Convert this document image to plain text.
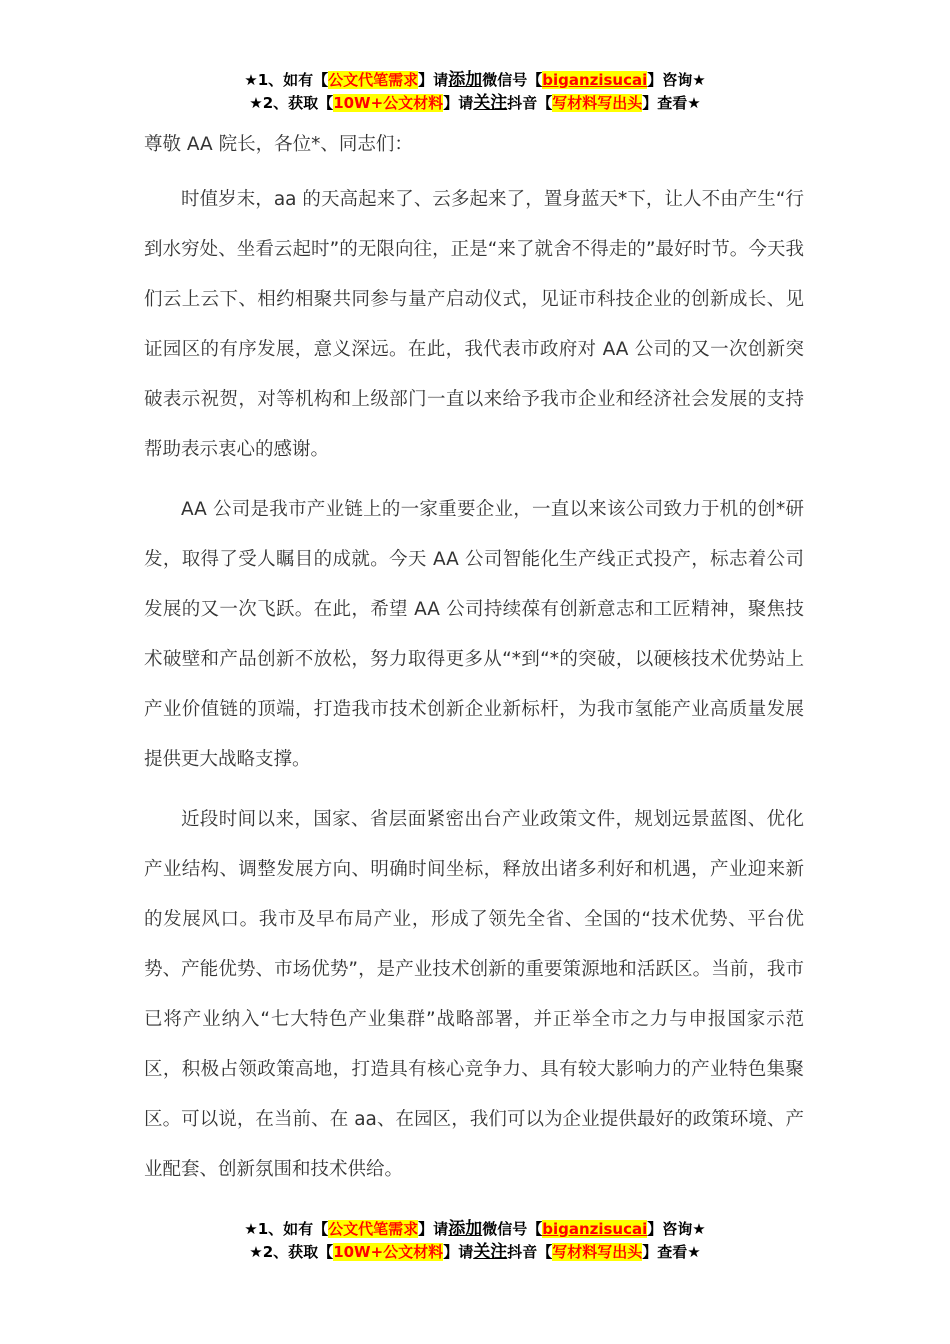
★1、如有【公文代笔需求】请添加微信号【biganzisucai】咨询★
★2、获取【10W+公文材料】请关注抖音【写材料写出头】查看★

尊敬 AA 院长，各位*、同志们：

时值岁末，aa 的天高起来了、云多起来了，置身蓝天*下，让人不由产生“行到水穷处、坐看云起时”的无限向往，正是“来了就舍不得走的”最好时节。今天我们云上云下、相约相聚共同参与量产启动仪式，见证市科技企业的创新成长、见证园区的有序发展，意义深远。在此，我代表市政府对 AA 公司的又一次创新突破表示祝贺，对等机构和上级部门一直以来给予我市企业和经济社会发展的支持帮助表示衷心的感谢。

AA 公司是我市产业链上的一家重要企业，一直以来该公司致力于机的创*研发，取得了受人瞩目的成就。今天 AA 公司智能化生产线正式投产，标志着公司发展的又一次飞跃。在此，希望 AA 公司持续葆有创新意志和工匠精神，聚焦技术破壁和产品创新不放松，努力取得更多从“*到“*的突破，以硬核技术优势站上产业价值链的顶端，打造我市技术创新企业新标杆，为我市氢能产业高质量发展提供更大战略支撑。

近段时间以来，国家、省层面紧密出台产业政策文件，规划远景蓝图、优化产业结构、调整发展方向、明确时间坐标，释放出诸多利好和机遇，产业迎来新的发展风口。我市及早布局产业，形成了领先全省、全国的“技术优势、平台优势、产能优势、市场优势”，是产业技术创新的重要策源地和活跃区。当前，我市已将产业纳入“七大特色产业集群”战略部署，并正举全市之力与申报国家示范区，积极占领政策高地，打造具有核心竞争力、具有较大影响力的产业特色集聚区。可以说，在当前、在 aa、在园区，我们可以为企业提供最好的政策环境、产业配套、创新氛围和技术供给。

★1、如有【公文代笔需求】请添加微信号【biganzisucai】咨询★
★2、获取【10W+公文材料】请关注抖音【写材料写出头】查看★
